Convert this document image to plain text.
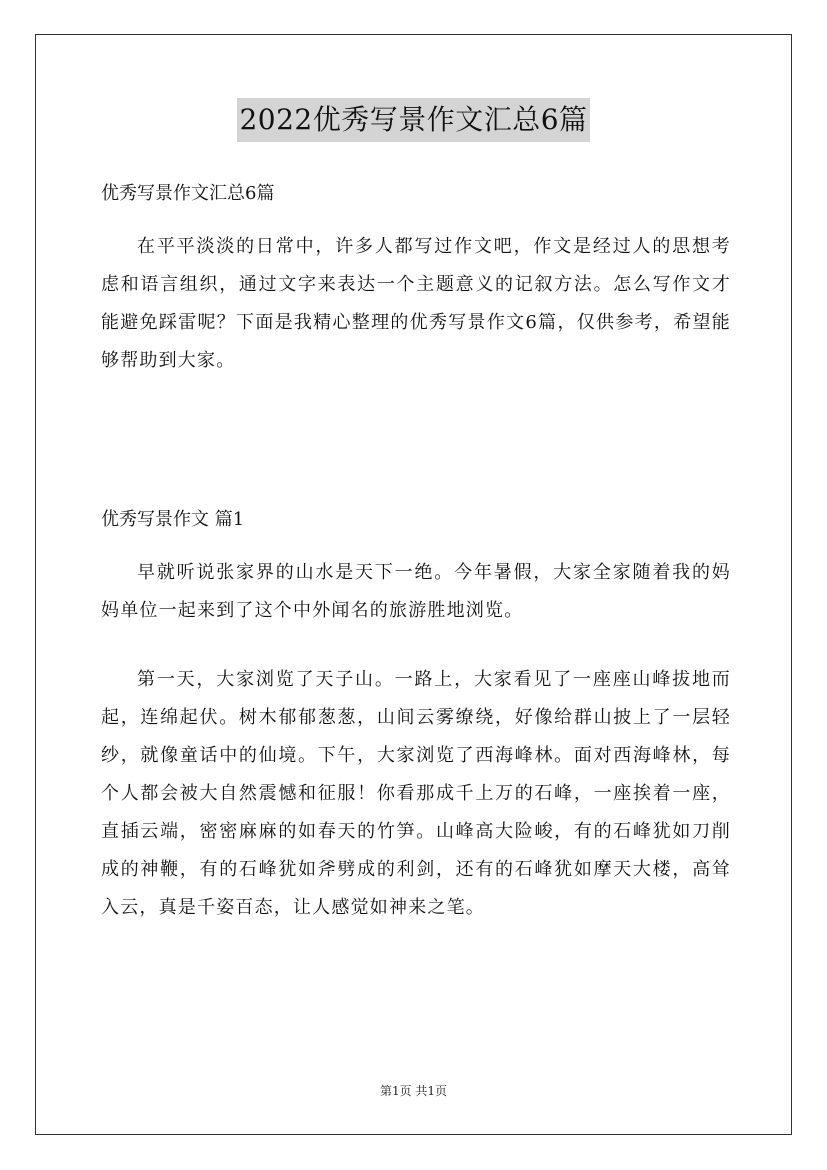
2022优秀写景作文汇总6篇
优秀写景作文汇总6篇

在平平淡淡的日常中，许多人都写过作文吧，作文是经过人的思想考虑和语言组织，通过文字来表达一个主题意义的记叙方法。怎么写作文才能避免踩雷呢？下面是我精心整理的优秀写景作文6篇，仅供参考，希望能够帮助到大家。

优秀写景作文 篇1

早就听说张家界的山水是天下一绝。今年暑假，大家全家随着我的妈妈单位一起来到了这个中外闻名的旅游胜地浏览。

第一天，大家浏览了天子山。一路上，大家看见了一座座山峰拔地而起，连绵起伏。树木郁郁葱葱，山间云雾缭绕，好像给群山披上了一层轻纱，就像童话中的仙境。下午，大家浏览了西海峰林。面对西海峰林，每个人都会被大自然震憾和征服！你看那成千上万的石峰，一座挨着一座，直插云端，密密麻麻的如春天的竹笋。山峰高大险峻，有的石峰犹如刀削成的神鞭，有的石峰犹如斧劈成的利剑，还有的石峰犹如摩天大楼，高耸入云，真是千姿百态，让人感觉如神来之笔。

第1页 共1页
